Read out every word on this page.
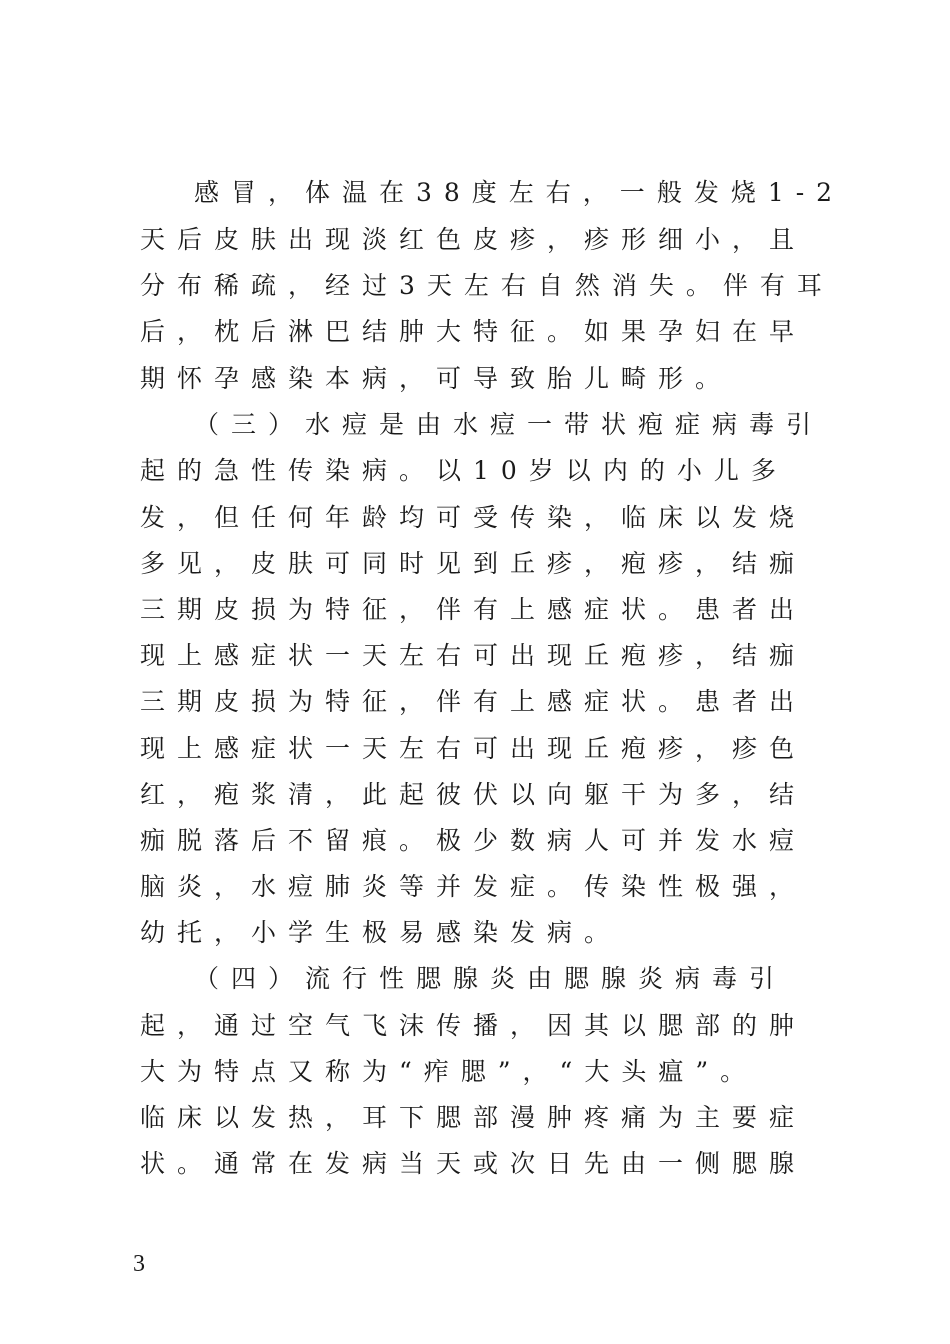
感冒，体温在38度左右，一般发烧1-2
天后皮肤出现淡红色皮疹，疹形细小，且
分布稀疏，经过3天左右自然消失。伴有耳
后，枕后淋巴结肿大特征。如果孕妇在早
期怀孕感染本病，可导致胎儿畸形。
（三）水痘是由水痘一带状疱症病毒引
起的急性传染病。以10岁以内的小儿多
发，但任何年龄均可受传染，临床以发烧
多见，皮肤可同时见到丘疹，疱疹，结痂
三期皮损为特征，伴有上感症状。患者出
现上感症状一天左右可出现丘疱疹，结痂
三期皮损为特征，伴有上感症状。患者出
现上感症状一天左右可出现丘疱疹，疹色
红，疱浆清，此起彼伏以向躯干为多，结
痂脱落后不留痕。极少数病人可并发水痘
脑炎，水痘肺炎等并发症。传染性极强，
幼托，小学生极易感染发病。
（四）流行性腮腺炎由腮腺炎病毒引
起，通过空气飞沫传播，因其以腮部的肿
大为特点又称为“痄腮”，“大头瘟”。
临床以发热，耳下腮部漫肿疼痛为主要症
状。通常在发病当天或次日先由一侧腮腺
3
